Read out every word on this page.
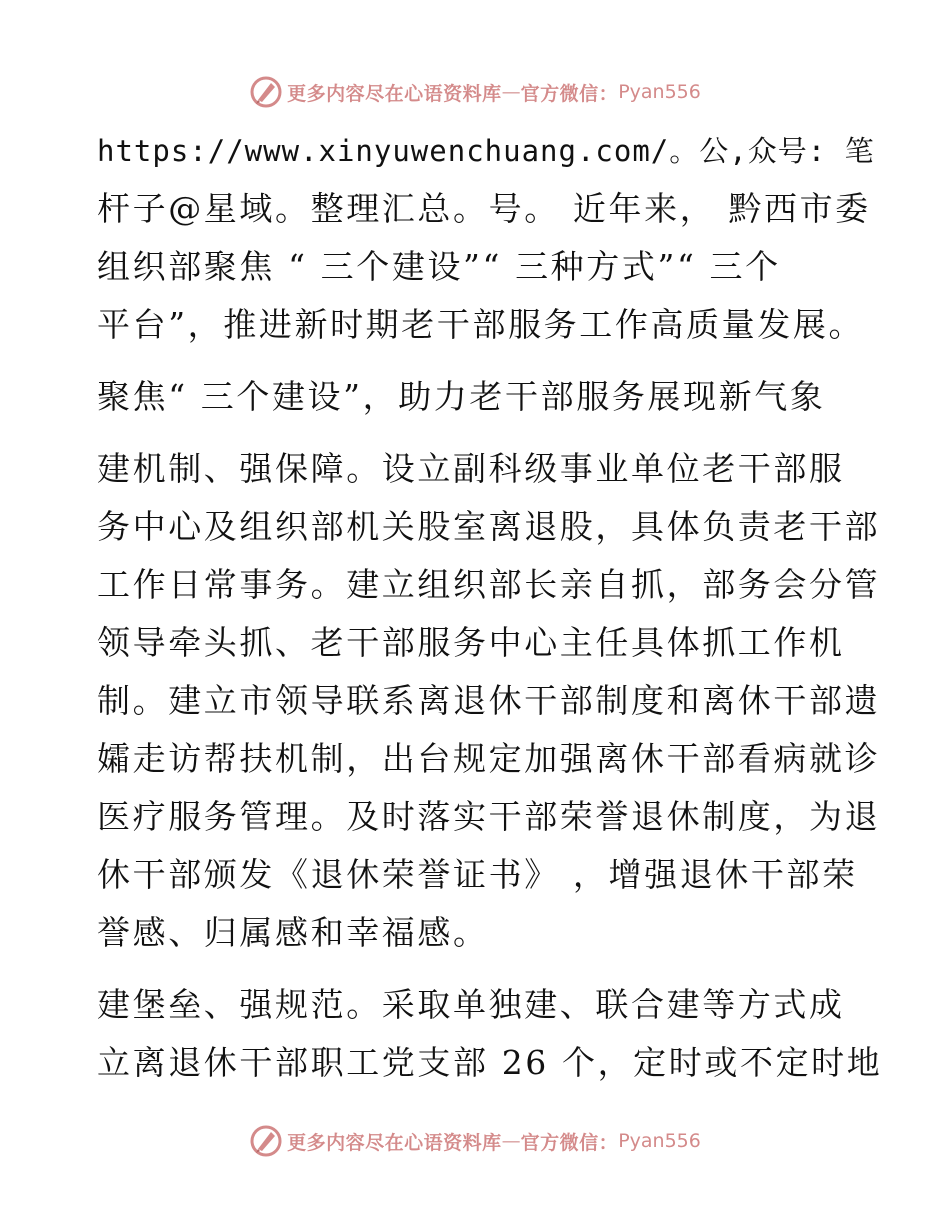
更多内容尽在心语资料库 — 官方微信： Pyan556
https://www.xinyuwenchuang.com/。公,众号: 笔
杆子@星域。整理汇总。号。 近年来， 黔西市委
组织部聚焦 “ 三个建设”“ 三种方式”“ 三个
平台”，推进新时期老干部服务工作高质量发展。
聚焦“ 三个建设”，助力老干部服务展现新气象
建机制、强保障。设立副科级事业单位老干部服
务中心及组织部机关股室离退股，具体负责老干部
工作日常事务。建立组织部长亲自抓，部务会分管
领导牵头抓、老干部服务中心主任具体抓工作机
制。建立市领导联系离退休干部制度和离休干部遗
孀走访帮扶机制，出台规定加强离休干部看病就诊
医疗服务管理。及时落实干部荣誉退休制度，为退
休干部颁发《退休荣誉证书》 ，增强退休干部荣
誉感、归属感和幸福感。
建堡垒、强规范。采取单独建、联合建等方式成
立离退休干部职工党支部 26 个，定时或不定时地
更多内容尽在心语资料库 — 官方微信： Pyan556
